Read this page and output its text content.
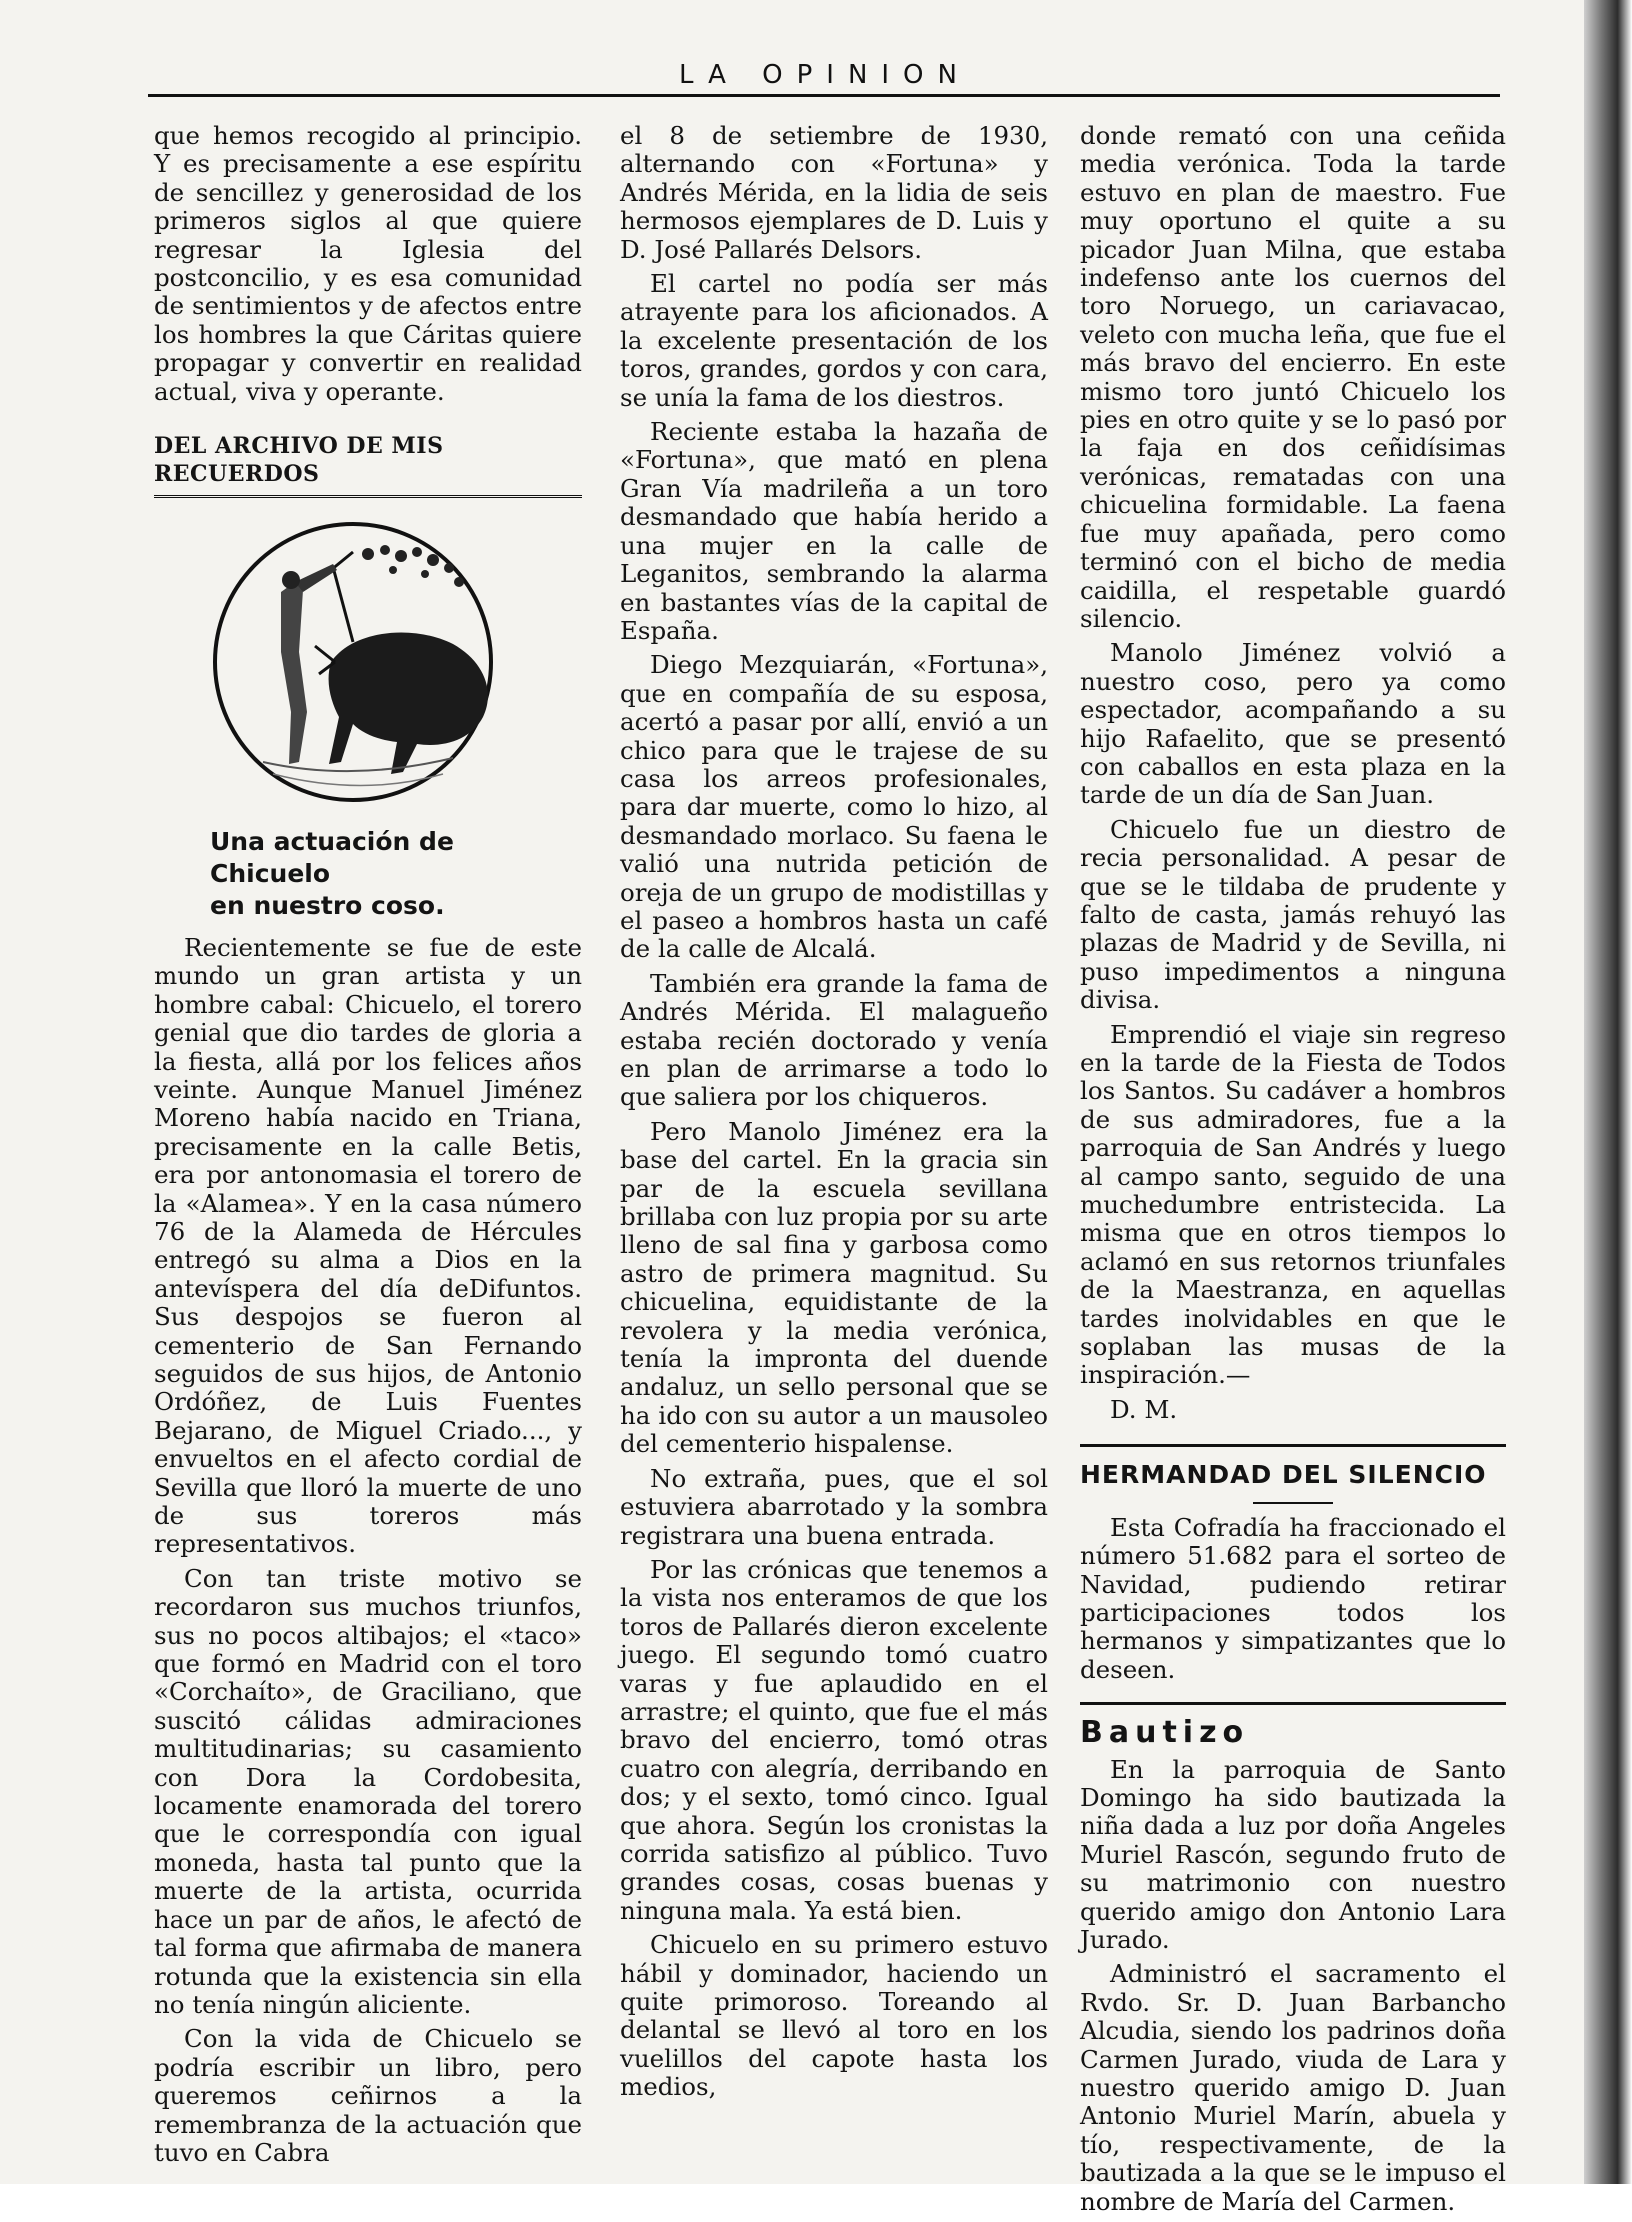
LA OPINION

que hemos recogido al principio. Y es precisamente a ese espíritu de sencillez y generosidad de los primeros siglos al que quiere regresar la Iglesia del postconcilio, y es esa comunidad de sentimientos y de afectos entre los hombres la que Cáritas quiere propagar y convertir en realidad actual, viva y operante.

DEL ARCHIVO DE MIS RECUERDOS
Una actuación de Chicuelo
en nuestro coso.

Recientemente se fue de este mundo un gran artista y un hombre cabal: Chicuelo, el torero genial que dio tardes de gloria a la fiesta, allá por los felices años veinte. Aunque Manuel Jiménez Moreno había nacido en Triana, precisamente en la calle Betis, era por antonomasia el torero de la «Alamea». Y en la casa número 76 de la Alameda de Hércules entregó su alma a Dios en la antevíspera del día deDifuntos. Sus despojos se fueron al cementerio de San Fernando seguidos de sus hijos, de Antonio Ordóñez, de Luis Fuentes Bejarano, de Miguel Criado..., y envueltos en el afecto cordial de Sevilla que lloró la muerte de uno de sus toreros más representativos.

Con tan triste motivo se recordaron sus muchos triunfos, sus no pocos altibajos; el «taco» que formó en Madrid con el toro «Corchaíto», de Graciliano, que suscitó cálidas admiraciones multitudinarias; su casamiento con Dora la Cordobesita, locamente enamorada del torero que le correspondía con igual moneda, hasta tal punto que la muerte de la artista, ocurrida hace un par de años, le afectó de tal forma que afirmaba de manera rotunda que la existencia sin ella no tenía ningún aliciente.

Con la vida de Chicuelo se podría escribir un libro, pero queremos ceñirnos a la remembranza de la actuación que tuvo en Cabra

el 8 de setiembre de 1930, alternando con «Fortuna» y Andrés Mérida, en la lidia de seis hermosos ejemplares de D. Luis y D. José Pallarés Delsors.

El cartel no podía ser más atrayente para los aficionados. A la excelente presentación de los toros, grandes, gordos y con cara, se unía la fama de los diestros.

Reciente estaba la hazaña de «Fortuna», que mató en plena Gran Vía madrileña a un toro desmandado que había herido a una mujer en la calle de Leganitos, sembrando la alarma en bastantes vías de la capital de España.

Diego Mezquiarán, «Fortuna», que en compañía de su esposa, acertó a pasar por allí, envió a un chico para que le trajese de su casa los arreos profesionales, para dar muerte, como lo hizo, al desmandado morlaco. Su faena le valió una nutrida petición de oreja de un grupo de modistillas y el paseo a hombros hasta un café de la calle de Alcalá.

También era grande la fama de Andrés Mérida. El malagueño estaba recién doctorado y venía en plan de arrimarse a todo lo que saliera por los chiqueros.

Pero Manolo Jiménez era la base del cartel. En la gracia sin par de la escuela sevillana brillaba con luz propia por su arte lleno de sal fina y garbosa como astro de primera magnitud. Su chicuelina, equidistante de la revolera y la media verónica, tenía la impronta del duende andaluz, un sello personal que se ha ido con su autor a un mausoleo del cementerio hispalense.

No extraña, pues, que el sol estuviera abarrotado y la sombra registrara una buena entrada.

Por las crónicas que tenemos a la vista nos enteramos de que los toros de Pallarés dieron excelente juego. El segundo tomó cuatro varas y fue aplaudido en el arrastre; el quinto, que fue el más bravo del encierro, tomó otras cuatro con alegría, derribando en dos; y el sexto, tomó cinco. Igual que ahora. Según los cronistas la corrida satisfizo al público. Tuvo grandes cosas, cosas buenas y ninguna mala. Ya está bien.

Chicuelo en su primero estuvo hábil y dominador, haciendo un quite primoroso. Toreando al delantal se llevó al toro en los vuelillos del capote hasta los medios,

donde remató con una ceñida media verónica. Toda la tarde estuvo en plan de maestro. Fue muy oportuno el quite a su picador Juan Milna, que estaba indefenso ante los cuernos del toro Noruego, un cariavacao, veleto con mucha leña, que fue el más bravo del encierro. En este mismo toro juntó Chicuelo los pies en otro quite y se lo pasó por la faja en dos ceñidísimas verónicas, rematadas con una chicuelina formidable. La faena fue muy apañada, pero como terminó con el bicho de media caidilla, el respetable guardó silencio.

Manolo Jiménez volvió a nuestro coso, pero ya como espectador, acompañando a su hijo Rafaelito, que se presentó con caballos en esta plaza en la tarde de un día de San Juan.

Chicuelo fue un diestro de recia personalidad. A pesar de que se le tildaba de prudente y falto de casta, jamás rehuyó las plazas de Madrid y de Sevilla, ni puso impedimentos a ninguna divisa.

Emprendió el viaje sin regreso en la tarde de la Fiesta de Todos los Santos. Su cadáver a hombros de sus admiradores, fue a la parroquia de San Andrés y luego al campo santo, seguido de una muchedumbre entristecida. La misma que en otros tiempos lo aclamó en sus retornos triunfales de la Maestranza, en aquellas tardes inolvidables en que le soplaban las musas de la inspiración.—

D. M.

HERMANDAD DEL SILENCIO

Esta Cofradía ha fraccionado el número 51.682 para el sorteo de Navidad, pudiendo retirar participaciones todos los hermanos y simpatizantes que lo deseen.

Bautizo

En la parroquia de Santo Domingo ha sido bautizada la niña dada a luz por doña Angeles Muriel Rascón, segundo fruto de su matrimonio con nuestro querido amigo don Antonio Lara Jurado.

Administró el sacramento el Rvdo. Sr. D. Juan Barbancho Alcudia, siendo los padrinos doña Carmen Jurado, viuda de Lara y nuestro querido amigo D. Juan Antonio Muriel Marín, abuela y tío, respectivamente, de la bautizada a la que se le impuso el nombre de María del Carmen.
